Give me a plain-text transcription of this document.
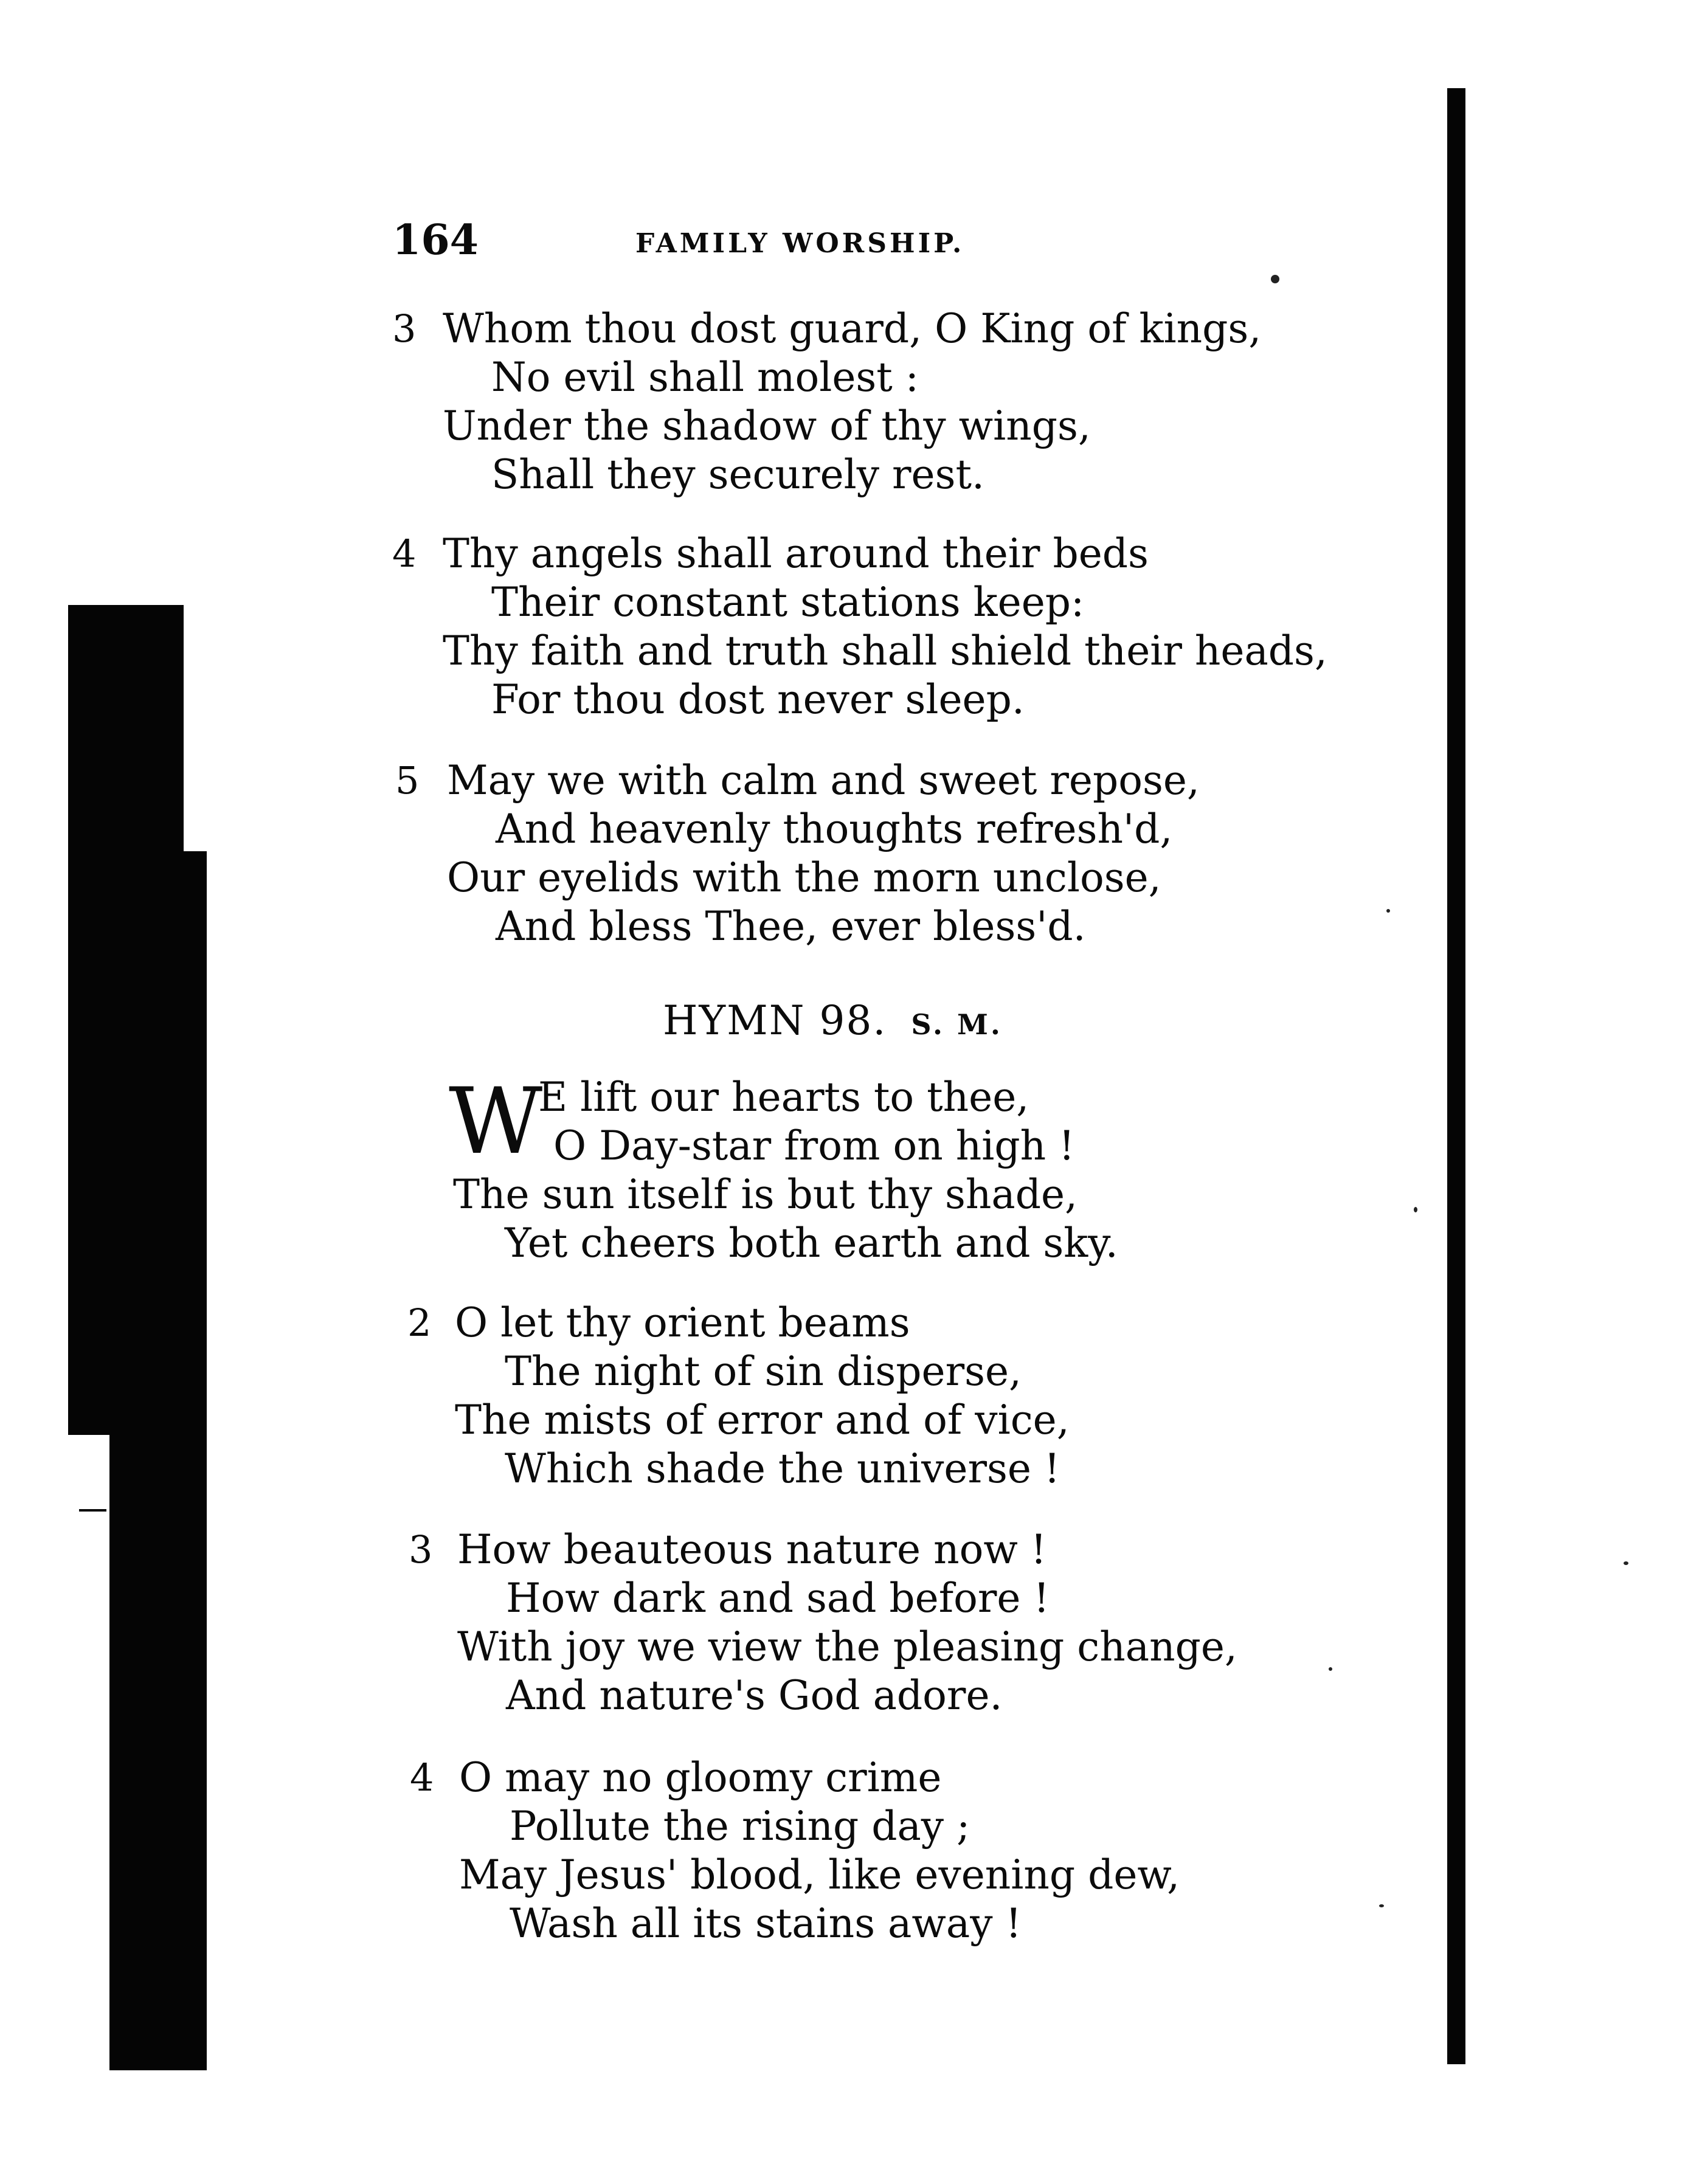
164	FAMILY WORSHIP.
3 Whom thou dost guard, O King of kings,
No evil shall molest :
Under the shadow of thy wings,
Shall they securely rest.
4 Thy angels shall around their beds
Their constant stations keep:
Thy faith and truth shall shield their heads,
For thou dost never sleep.
5 May we with calm and sweet repose,
And heavenly thoughts refresh'd,
Our eyelids with the morn unclose,
And bless Thee, ever bless'd.
HYMN 98. S. M.
W
E lift our hearts to thee,
O Day-star from on high !
The sun itself is but thy shade,
Yet cheers both earth and sky.
2 O let thy orient beams
The night of sin disperse,
The mists of error and of vice,
Which shade the universe !
3 How beauteous nature now !
How dark and sad before !
With joy we view the pleasing change,
And nature's God adore.
4 O may no gloomy crime
Pollute the rising day ;
May Jesus' blood, like evening dew,
Wash all its stains away !
